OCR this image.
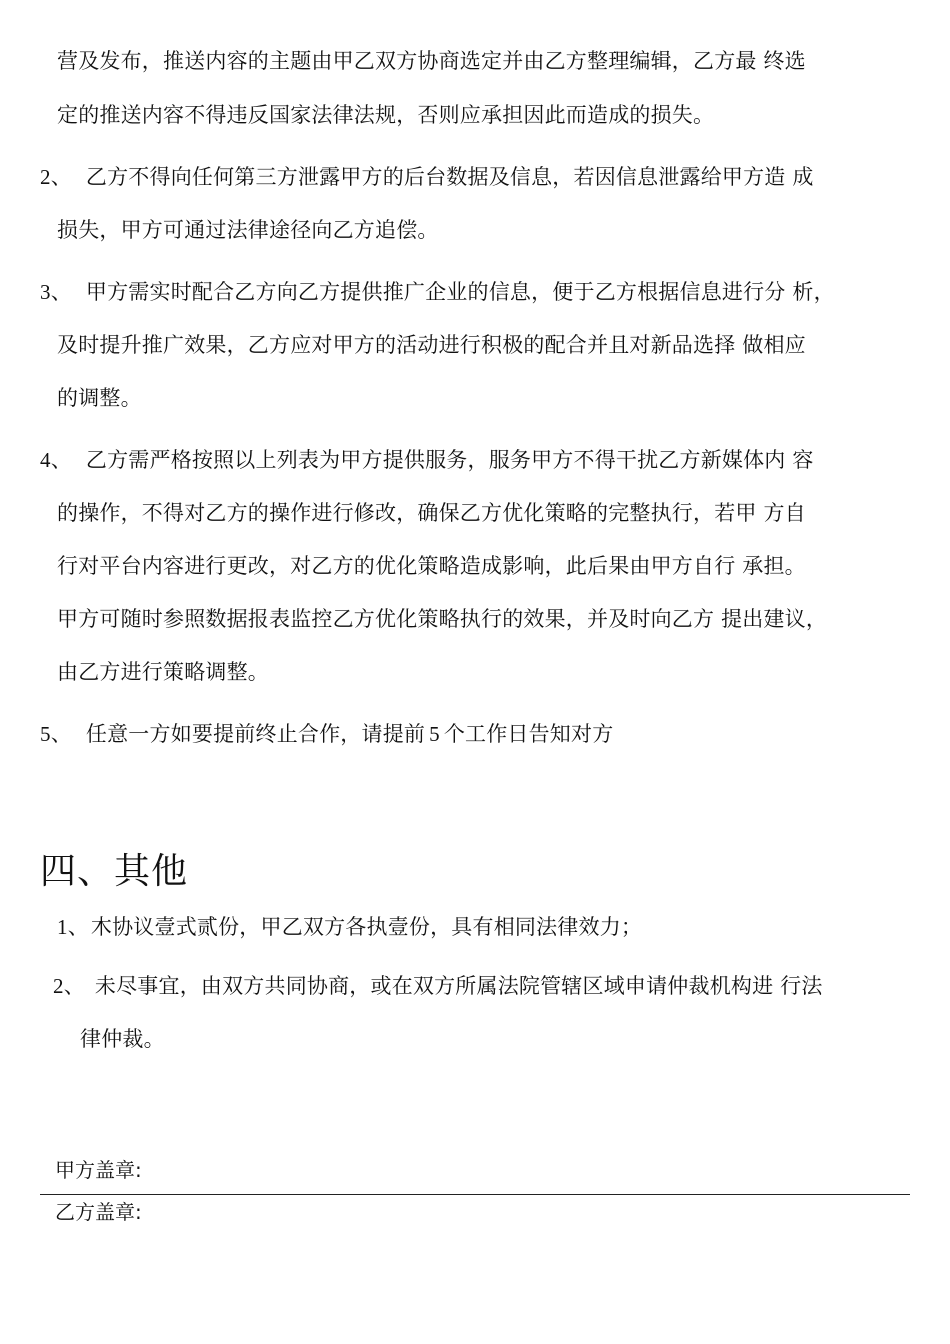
营及发布，推送内容的主题由甲乙双方协商选定并由乙方整理编辑，乙方最 终选
定的推送内容不得违反国家法律法规，否则应承担因此而造成的损失。
2、 乙方不得向任何第三方泄露甲方的后台数据及信息，若因信息泄露给甲方造 成
损失，甲方可通过法律途径向乙方追偿。
3、 甲方需实时配合乙方向乙方提供推广企业的信息，便于乙方根据信息进行分 析，
及时提升推广效果，乙方应对甲方的活动进行积极的配合并且对新品选择 做相应
的调整。
4、 乙方需严格按照以上列表为甲方提供服务，服务甲方不得干扰乙方新媒体内 容
的操作，不得对乙方的操作进行修改，确保乙方优化策略的完整执行，若甲 方自
行对平台内容进行更改，对乙方的优化策略造成影响，此后果由甲方自行 承担。
甲方可随时参照数据报表监控乙方优化策略执行的效果，并及时向乙方 提出建议，
由乙方进行策略调整。
5、 任意一方如要提前终止合作，请提前 5 个工作日告知对方
四、其他
1、木协议壹式贰份，甲乙双方各执壹份，具有相同法律效力；
2、 未尽事宜，由双方共同协商，或在双方所属法院管辖区域申请仲裁机构进 行法
律仲裁。
甲方盖章:
乙方盖章:
